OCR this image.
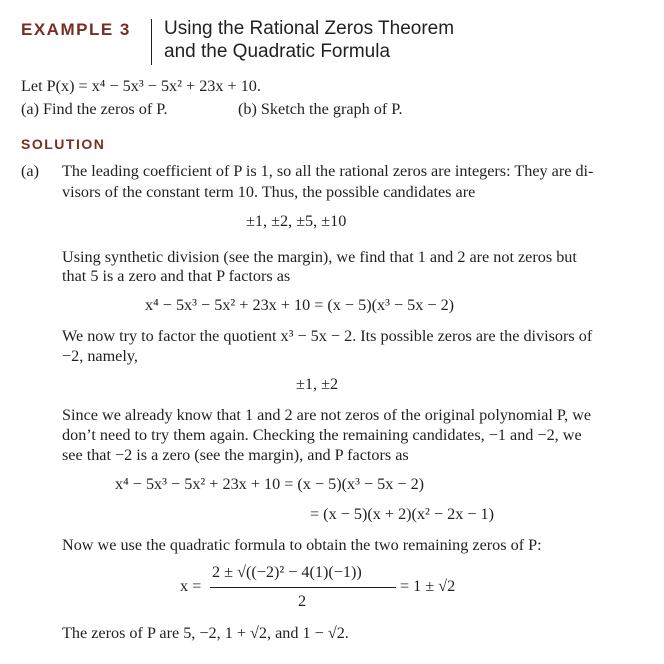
EXAMPLE 3 Using the Rational Zeros Theorem
and the Quadratic Formula
Let P(x) = x⁴ − 5x³ − 5x² + 23x + 10.
(a) Find the zeros of P.	(b) Sketch the graph of P.
SOLUTION
(a) The leading coefficient of P is 1, so all the rational zeros are integers: They are di-
visors of the constant term 10. Thus, the possible candidates are
±1, ±2, ±5, ±10
Using synthetic division (see the margin), we find that 1 and 2 are not zeros but
that 5 is a zero and that P factors as
x⁴ − 5x³ − 5x² + 23x + 10 = (x − 5)(x³ − 5x − 2)
We now try to factor the quotient x³ − 5x − 2. Its possible zeros are the divisors of
−2, namely,
±1, ±2
Since we already know that 1 and 2 are not zeros of the original polynomial P, we
don’t need to try them again. Checking the remaining candidates, −1 and −2, we
see that −2 is a zero (see the margin), and P factors as
x⁴ − 5x³ − 5x² + 23x + 10 = (x − 5)(x³ − 5x − 2)
= (x − 5)(x + 2)(x² − 2x − 1)
Now we use the quadratic formula to obtain the two remaining zeros of P:
x =
2 ± √((−2)² − 4(1)(−1))
2
= 1 ± √2
The zeros of P are 5, −2, 1 + √2, and 1 − √2.
